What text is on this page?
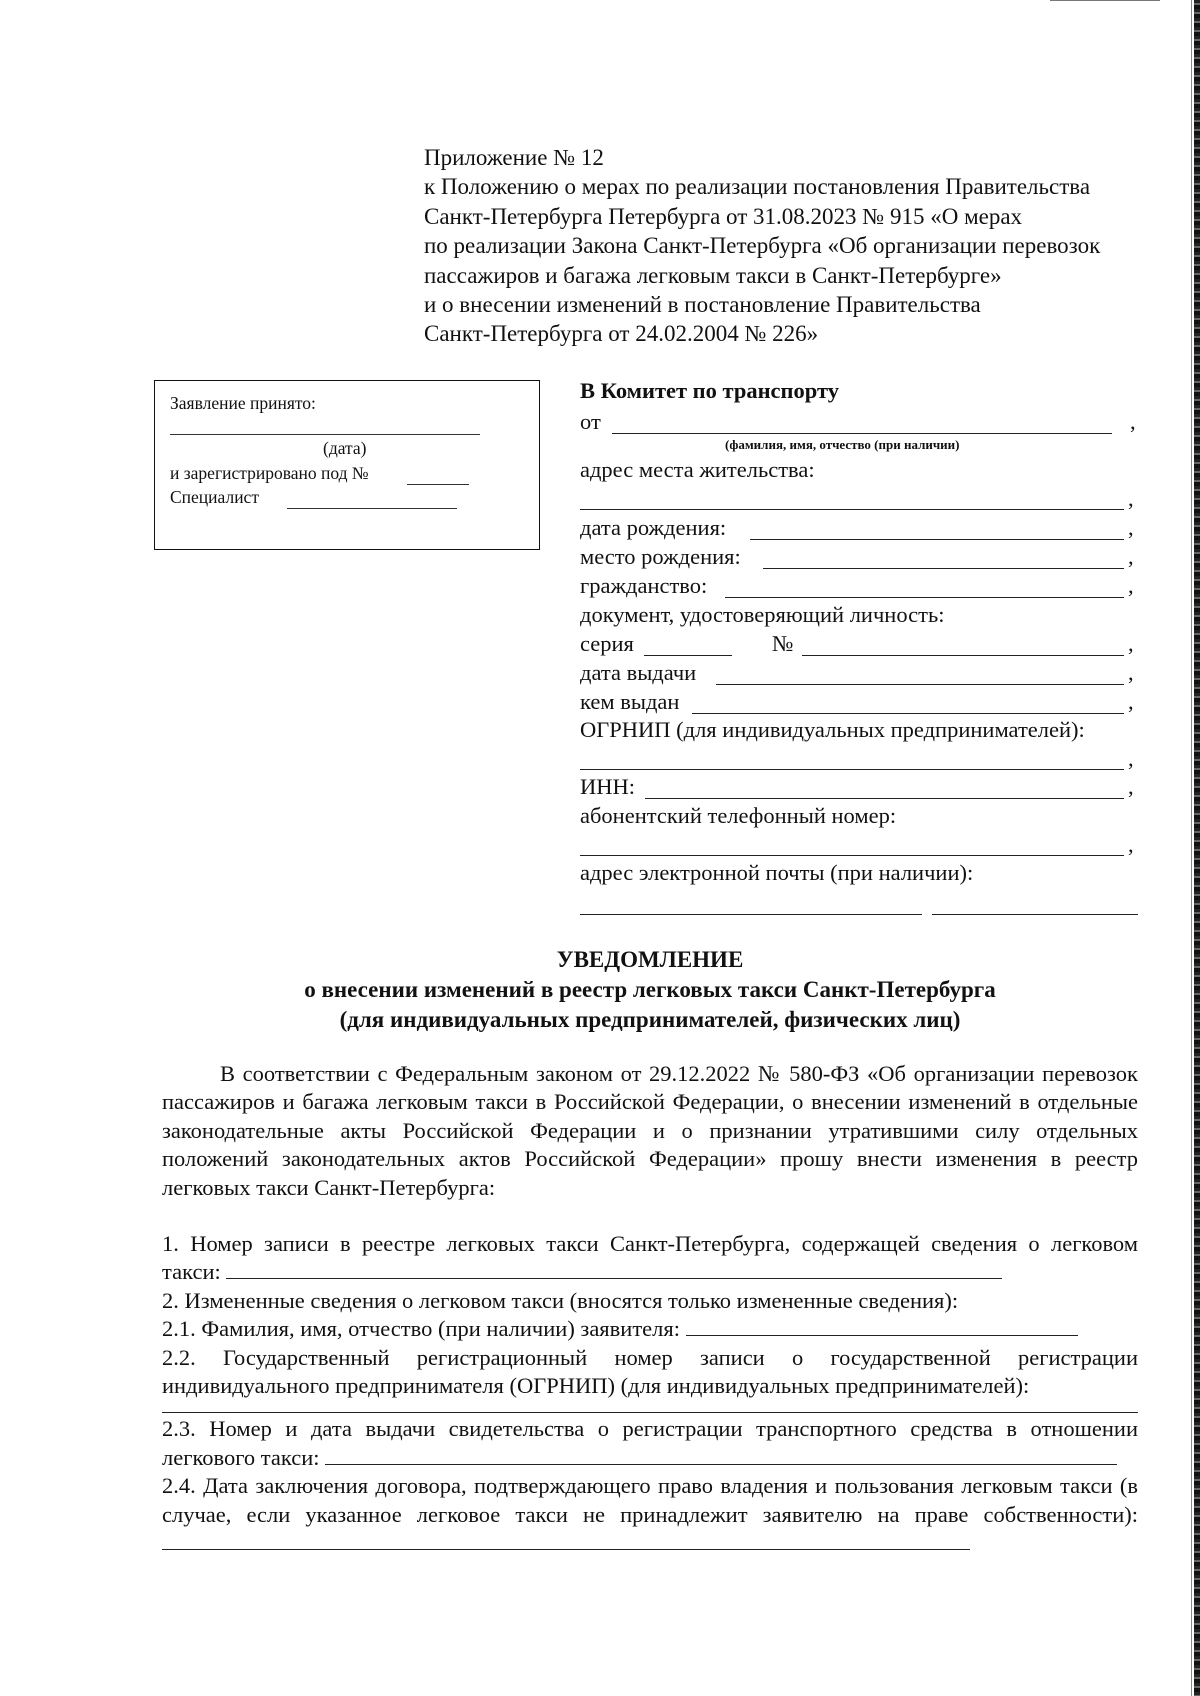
Приложение № 12
к Положению о мерах по реализации постановления Правительства
Санкт-Петербурга Петербурга от 31.08.2023 № 915 «О мерах
по реализации Закона Санкт-Петербурга «Об организации перевозок
пассажиров и багажа легковым такси в Санкт-Петербурге»
и о внесении изменений в постановление Правительства
Санкт-Петербурга от 24.02.2004 № 226»
Заявление принято:
(дата)
и зарегистрировано под №
Специалист
В Комитет по транспорту
от	,
(фамилия, имя, отчество (при наличии)
адрес места жительства:
,
дата рождения:	,
место рождения:	,
гражданство:	,
документ, удостоверяющий личность:
серия	№	,
дата выдачи	,
кем выдан	,
ОГРНИП (для индивидуальных предпринимателей):
,
ИНН:	,
абонентский телефонный номер:
,
адрес электронной почты (при наличии):
УВЕДОМЛЕНИЕ
о внесении изменений в реестр легковых такси Санкт-Петербурга
(для индивидуальных предпринимателей, физических лиц)

В соответствии с Федеральным законом от 29.12.2022 № 580-ФЗ «Об организации перевозок пассажиров и багажа легковым такси в Российской Федерации, о внесении изменений в отдельные законодательные акты Российской Федерации и о признании утратившими силу отдельных положений законодательных актов Российской Федерации» прошу внести изменения в реестр легковых такси Санкт-Петербурга:

1. Номер записи в реестре легковых такси Санкт-Петербурга, содержащей сведения о легковом такси:

2. Измененные сведения о легковом такси (вносятся только измененные сведения):

2.1. Фамилия, имя, отчество (при наличии) заявителя:

2.2. Государственный регистрационный номер записи о государственной регистрации индивидуального предпринимателя (ОГРНИП) (для индивидуальных предпринимателей):

2.3. Номер и дата выдачи свидетельства о регистрации транспортного средства в отношении легкового такси:

2.4. Дата заключения договора, подтверждающего право владения и пользования легковым такси (в случае, если указанное легковое такси не принадлежит заявителю на праве собственности):
